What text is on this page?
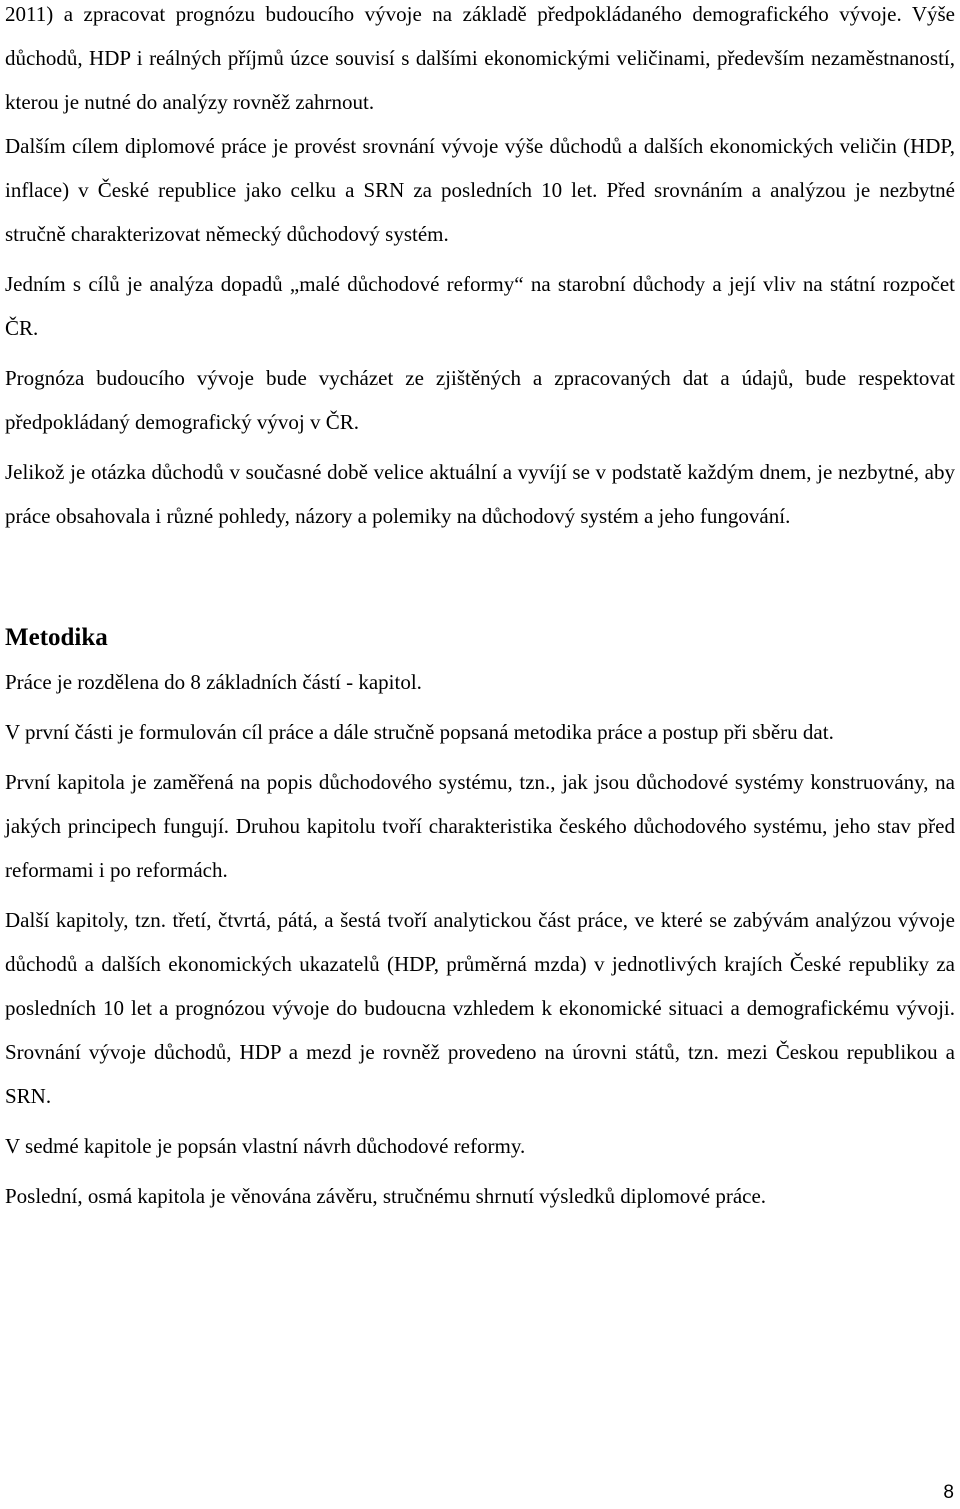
2011) a zpracovat prognózu budoucího vývoje na základě předpokládaného demografického vývoje. Výše důchodů, HDP i reálných příjmů úzce souvisí s dalšími ekonomickými veličinami, především nezaměstnaností, kterou je nutné do analýzy rovněž zahrnout.

Dalším cílem diplomové práce je provést srovnání vývoje výše důchodů a dalších ekonomických veličin (HDP, inflace) v České republice jako celku a SRN za posledních 10 let. Před srovnáním a analýzou je nezbytné stručně charakterizovat německý důchodový systém.

Jedním s cílů je analýza dopadů „malé důchodové reformy“ na starobní důchody a její vliv na státní rozpočet ČR.

Prognóza budoucího vývoje bude vycházet ze zjištěných a zpracovaných dat a údajů, bude respektovat předpokládaný demografický vývoj v ČR.

Jelikož je otázka důchodů v současné době velice aktuální a vyvíjí se v podstatě každým dnem, je nezbytné, aby práce obsahovala i různé pohledy, názory a polemiky na důchodový systém a jeho fungování.

Metodika

Práce je rozdělena do 8 základních částí - kapitol.

V první části je formulován cíl práce a dále stručně popsaná metodika práce a postup při sběru dat.

První kapitola je zaměřená na popis důchodového systému, tzn., jak jsou důchodové systémy konstruovány, na jakých principech fungují. Druhou kapitolu tvoří charakteristika českého důchodového systému, jeho stav před reformami i po reformách.

Další kapitoly, tzn. třetí, čtvrtá, pátá, a šestá tvoří analytickou část práce, ve které se zabývám analýzou vývoje důchodů a dalších ekonomických ukazatelů (HDP, průměrná mzda) v jednotlivých krajích České republiky za posledních 10 let a prognózou vývoje do budoucna vzhledem k ekonomické situaci a demografickému vývoji. Srovnání vývoje důchodů, HDP a mezd je rovněž provedeno na úrovni států, tzn. mezi Českou republikou a SRN.

V sedmé kapitole je popsán vlastní návrh důchodové reformy.

Poslední, osmá kapitola je věnována závěru, stručnému shrnutí výsledků diplomové práce.

8
